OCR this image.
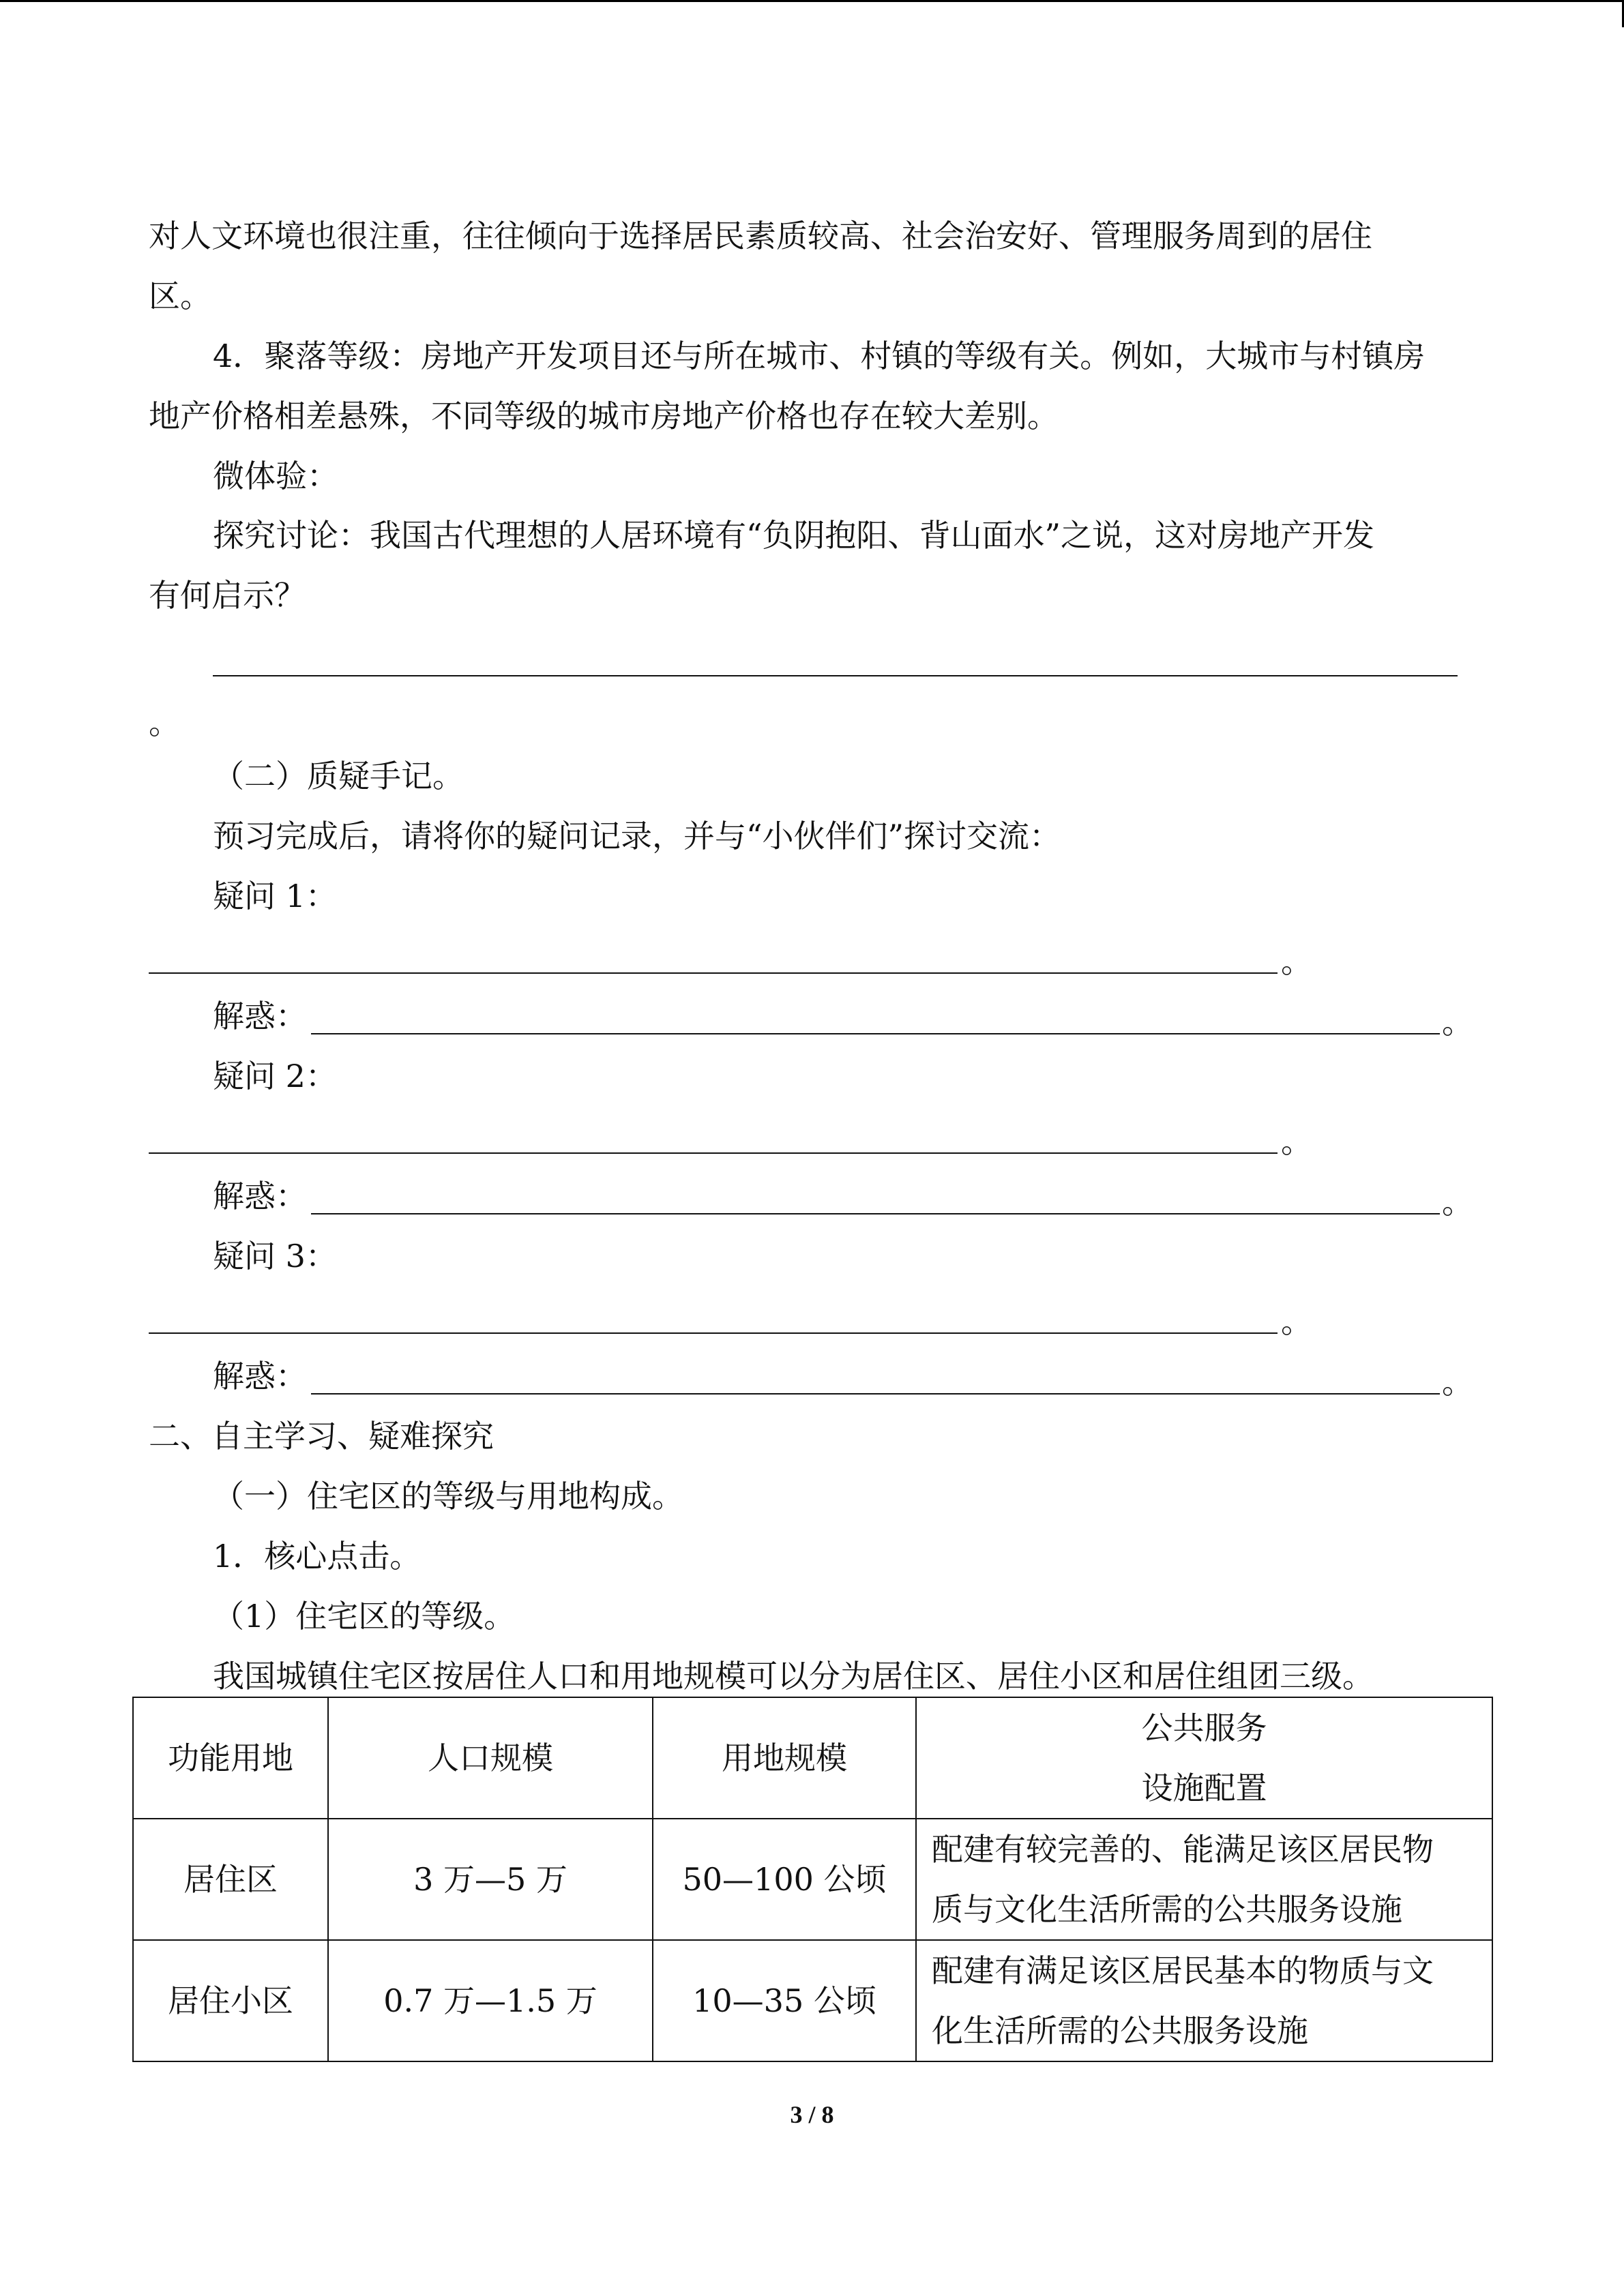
对人文环境也很注重，往往倾向于选择居民素质较高、社会治安好、管理服务周到的居住
区。
4．聚落等级：房地产开发项目还与所在城市、村镇的等级有关。例如，大城市与村镇房
地产价格相差悬殊，不同等级的城市房地产价格也存在较大差别。
微体验：
探究讨论：我国古代理想的人居环境有“负阴抱阳、背山面水”之说，这对房地产开发
有何启示？
。
（二）质疑手记。
预习完成后，请将你的疑问记录，并与“小伙伴们”探讨交流：
疑问 1：
。
解惑：	。
疑问 2：
。
解惑：	。
疑问 3：
。
解惑：	。
二、自主学习、疑难探究
（一）住宅区的等级与用地构成。
1．核心点击。
（1）住宅区的等级。
我国城镇住宅区按居住人口和用地规模可以分为居住区、居住小区和居住组团三级。
功能用地	人口规模	用地规模	公共服务
设施配置

居住区	3 万—5 万	50—100 公顷	配建有较完善的、能满足该区居民物
质与文化生活所需的公共服务设施

居住小区	0.7 万—1.5 万	10—35 公顷	配建有满足该区居民基本的物质与文
化生活所需的公共服务设施
3 / 8
